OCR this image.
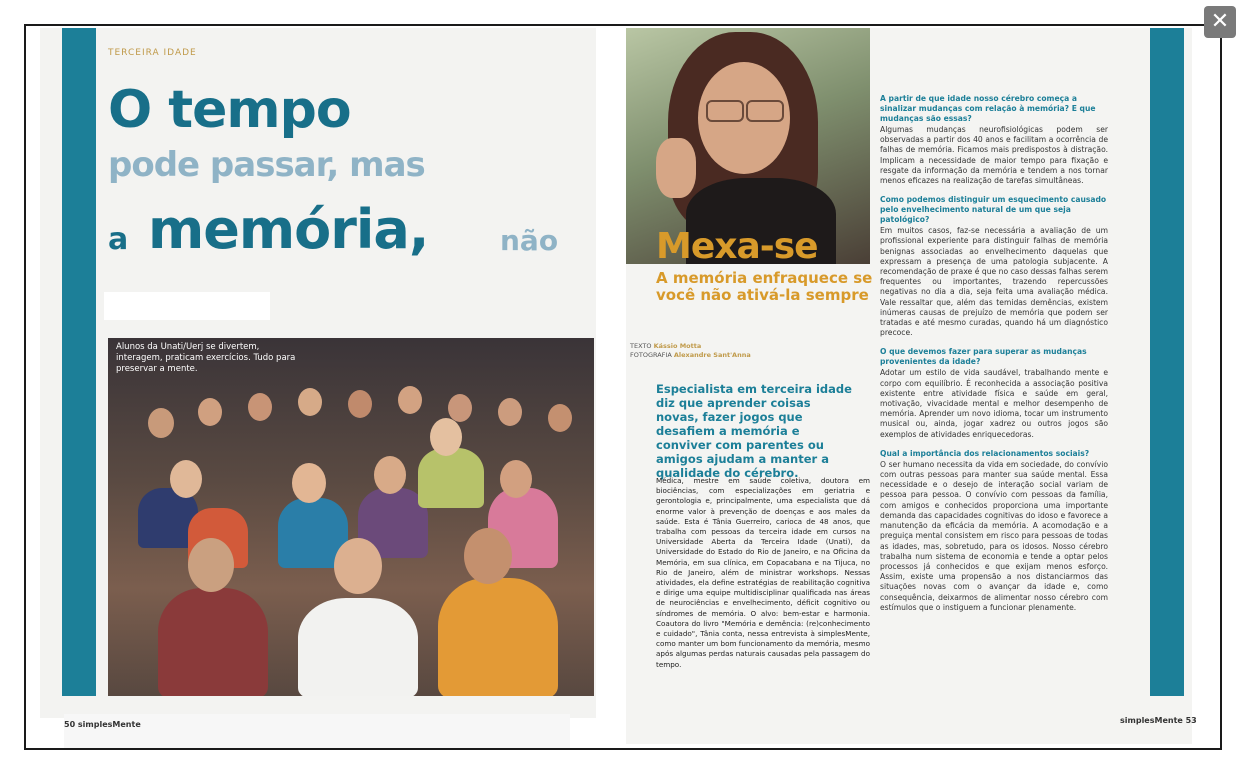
✕
TERCEIRA IDADE
O tempo
pode passar, mas
a memória,	não
Alunos da Unati/Uerj se divertem, interagem, praticam exercícios. Tudo para preservar a mente.
50 simplesMente
Mexa-se
A memória enfraquece se você não ativá-la sempre
TEXTO Kássio Motta
FOTOGRAFIA Alexandre Sant'Anna
Especialista em terceira idade diz que aprender coisas novas, fazer jogos que desafiem a memória e conviver com parentes ou amigos ajudam a manter a qualidade do cérebro.
Médica, mestre em saúde coletiva, doutora em biociências, com especializações em geriatria e gerontologia e, principalmente, uma especialista que dá enorme valor à prevenção de doenças e aos males da saúde. Esta é Tânia Guerreiro, carioca de 48 anos, que trabalha com pessoas da terceira idade em cursos na Universidade Aberta da Terceira Idade (Unati), da Universidade do Estado do Rio de Janeiro, e na Oficina da Memória, em sua clínica, em Copacabana e na Tijuca, no Rio de Janeiro, além de ministrar workshops. Nessas atividades, ela define estratégias de reabilitação cognitiva e dirige uma equipe multidisciplinar qualificada nas áreas de neurociências e envelhecimento, déficit cognitivo ou síndromes de memória. O alvo: bem-estar e harmonia. Coautora do livro "Memória e demência: (re)conhecimento e cuidado", Tânia conta, nessa entrevista à simplesMente, como manter um bom funcionamento da memória, mesmo após algumas perdas naturais causadas pela passagem do tempo.

A partir de que idade nosso cérebro começa a sinalizar mudanças com relação à memória? E que mudanças são essas?

Algumas mudanças neurofisiológicas podem ser observadas a partir dos 40 anos e facilitam a ocorrência de falhas de memória. Ficamos mais predispostos à distração. Implicam a necessidade de maior tempo para fixação e resgate da informação da memória e tendem a nos tornar menos eficazes na realização de tarefas simultâneas.

Como podemos distinguir um esquecimento causado pelo envelhecimento natural de um que seja patológico?

Em muitos casos, faz-se necessária a avaliação de um profissional experiente para distinguir falhas de memória benignas associadas ao envelhecimento daquelas que expressam a presença de uma patologia subjacente. A recomendação de praxe é que no caso dessas falhas serem frequentes ou importantes, trazendo repercussões negativas no dia a dia, seja feita uma avaliação médica. Vale ressaltar que, além das temidas demências, existem inúmeras causas de prejuízo de memória que podem ser tratadas e até mesmo curadas, quando há um diagnóstico precoce.

O que devemos fazer para superar as mudanças provenientes da idade?

Adotar um estilo de vida saudável, trabalhando mente e corpo com equilíbrio. É reconhecida a associação positiva existente entre atividade física e saúde em geral, motivação, vivacidade mental e melhor desempenho de memória. Aprender um novo idioma, tocar um instrumento musical ou, ainda, jogar xadrez ou outros jogos são exemplos de atividades enriquecedoras.

Qual a importância dos relacionamentos sociais?

O ser humano necessita da vida em sociedade, do convívio com outras pessoas para manter sua saúde mental. Essa necessidade e o desejo de interação social variam de pessoa para pessoa. O convívio com pessoas da família, com amigos e conhecidos proporciona uma importante demanda das capacidades cognitivas do idoso e favorece a manutenção da eficácia da memória. A acomodação e a preguiça mental consistem em risco para pessoas de todas as idades, mas, sobretudo, para os idosos. Nosso cérebro trabalha num sistema de economia e tende a optar pelos processos já conhecidos e que exijam menos esforço. Assim, existe uma propensão a nos distanciarmos das situações novas com o avançar da idade e, como consequência, deixarmos de alimentar nosso cérebro com estímulos que o instiguem a funcionar plenamente.

simplesMente 53
